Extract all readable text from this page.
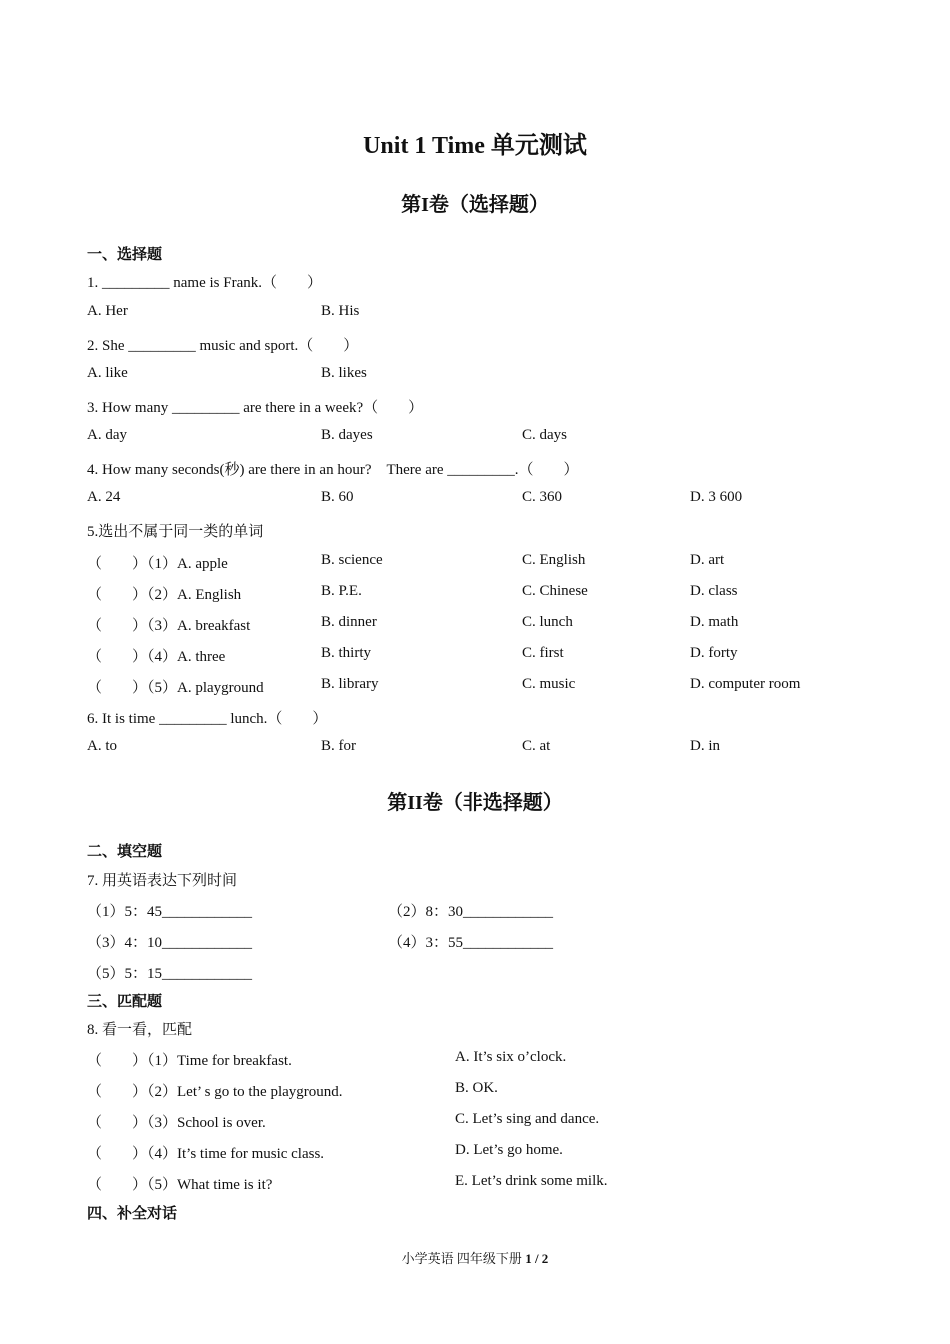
Unit 1 Time 单元测试
第I卷（选择题）
一、选择题
1. _________ name is Frank.（　　）
A. Her	B. His
2. She _________ music and sport.（　　）
A. like	B. likes
3. How many _________ are there in a week?（　　）
A. day	B. dayes	C. days
4. How many seconds(秒) are there in an hour?　There are _________.（　　）
A. 24	B. 60	C. 360	D. 3 600
5.选出不属于同一类的单词
（　　）（1）A. apple	B. science	C. English	D. art
（　　）（2）A. English	B. P.E.	C. Chinese	D. class
（　　）（3）A. breakfast	B. dinner	C. lunch	D. math
（　　）（4）A. three	B. thirty	C. first	D. forty
（　　）（5）A. playground	B. library	C. music	D. computer room
6. It is time _________ lunch.（　　）
A. to	B. for	C. at	D. in
第II卷（非选择题）
二、填空题
7. 用英语表达下列时间
（1）5：45____________	（2）8：30____________
（3）4：10____________	（4）3：55____________
（5）5：15____________
三、匹配题
8. 看一看，匹配
（　　）（1）Time for breakfast.	A. It’s six o’clock.
（　　）（2）Let’ s go to the playground.	B. OK.
（　　）（3）School is over.	C. Let’s sing and dance.
（　　）（4）It’s time for music class.	D. Let’s go home.
（　　）（5）What time is it?	E. Let’s drink some milk.
四、补全对话
小学英语 四年级下册 1 / 2
